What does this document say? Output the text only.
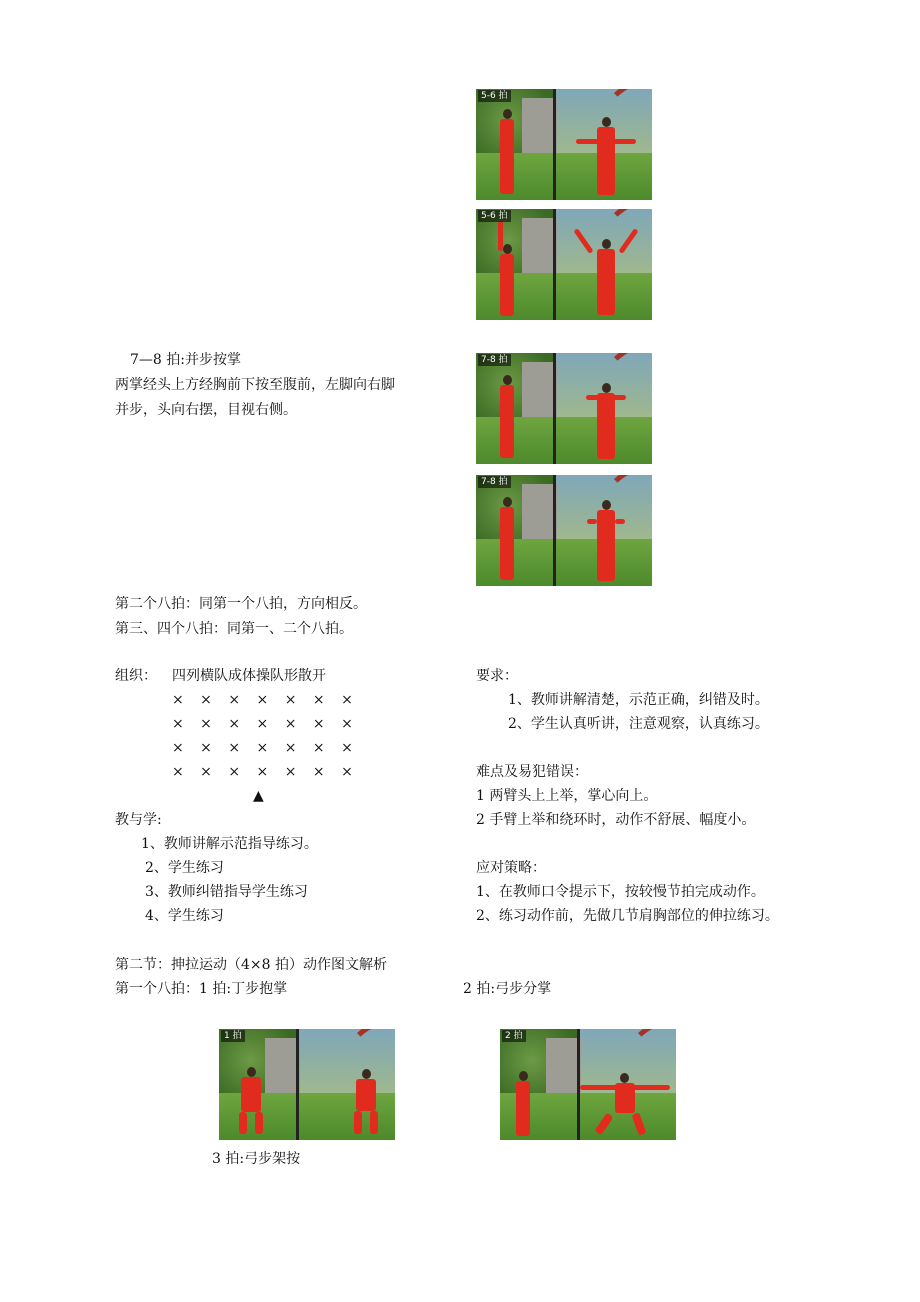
5-6 拍
5-6 拍
7—8 拍:并步按掌
两掌经头上方经胸前下按至腹前，左脚向右脚
并步，头向右摆，目视右侧。
7-8 拍
7-8 拍
第二个八拍：同第一个八拍，方向相反。
第三、四个八拍：同第一、二个八拍。
组织： 四列横队成体操队形散开
× × × × × × ×
× × × × × × ×
× × × × × × ×
× × × × × × ×
▲
教与学:
1、教师讲解示范指导练习。
2、学生练习
3、教师纠错指导学生练习
4、学生练习
要求：
1、教师讲解清楚，示范正确，纠错及时。
2、学生认真听讲，注意观察，认真练习。
难点及易犯错误：
1 两臂头上上举，掌心向上。
2 手臂上举和绕环时，动作不舒展、幅度小。
应对策略：
1、在教师口令提示下，按较慢节拍完成动作。
2、练习动作前，先做几节肩胸部位的伸拉练习。
第二节：抻拉运动（4×8 拍）动作图文解析
第一个八拍：1 拍:丁步抱掌	2 拍:弓步分掌
1 拍	2 拍
3 拍:弓步架按
